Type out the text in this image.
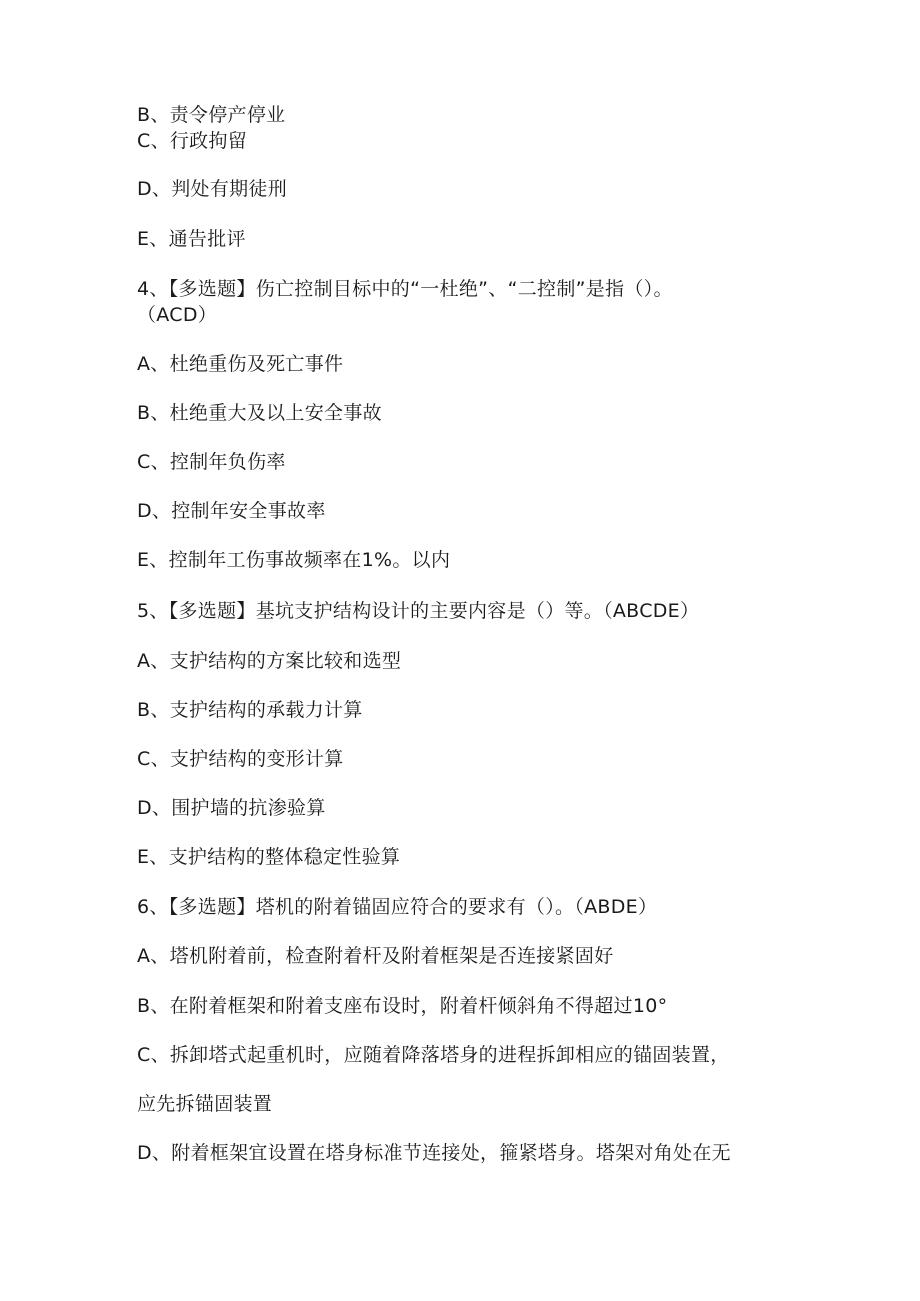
B、责令停产停业
C、行政拘留
D、判处有期徒刑
E、通告批评
4、【多选题】伤亡控制目标中的“一杜绝”、“二控制”是指（）。
（ACD）
A、杜绝重伤及死亡事件
B、杜绝重大及以上安全事故
C、控制年负伤率
D、控制年安全事故率
E、控制年工伤事故频率在1%。以内
5、【多选题】基坑支护结构设计的主要内容是（）等。（ABCDE）
A、支护结构的方案比较和选型
B、支护结构的承载力计算
C、支护结构的变形计算
D、围护墙的抗渗验算
E、支护结构的整体稳定性验算
6、【多选题】塔机的附着锚固应符合的要求有（）。（ABDE）
A、塔机附着前，检查附着杆及附着框架是否连接紧固好
B、在附着框架和附着支座布设时，附着杆倾斜角不得超过10°
C、拆卸塔式起重机时，应随着降落塔身的进程拆卸相应的锚固装置，
应先拆锚固装置
D、附着框架宜设置在塔身标准节连接处，箍紧塔身。塔架对角处在无
